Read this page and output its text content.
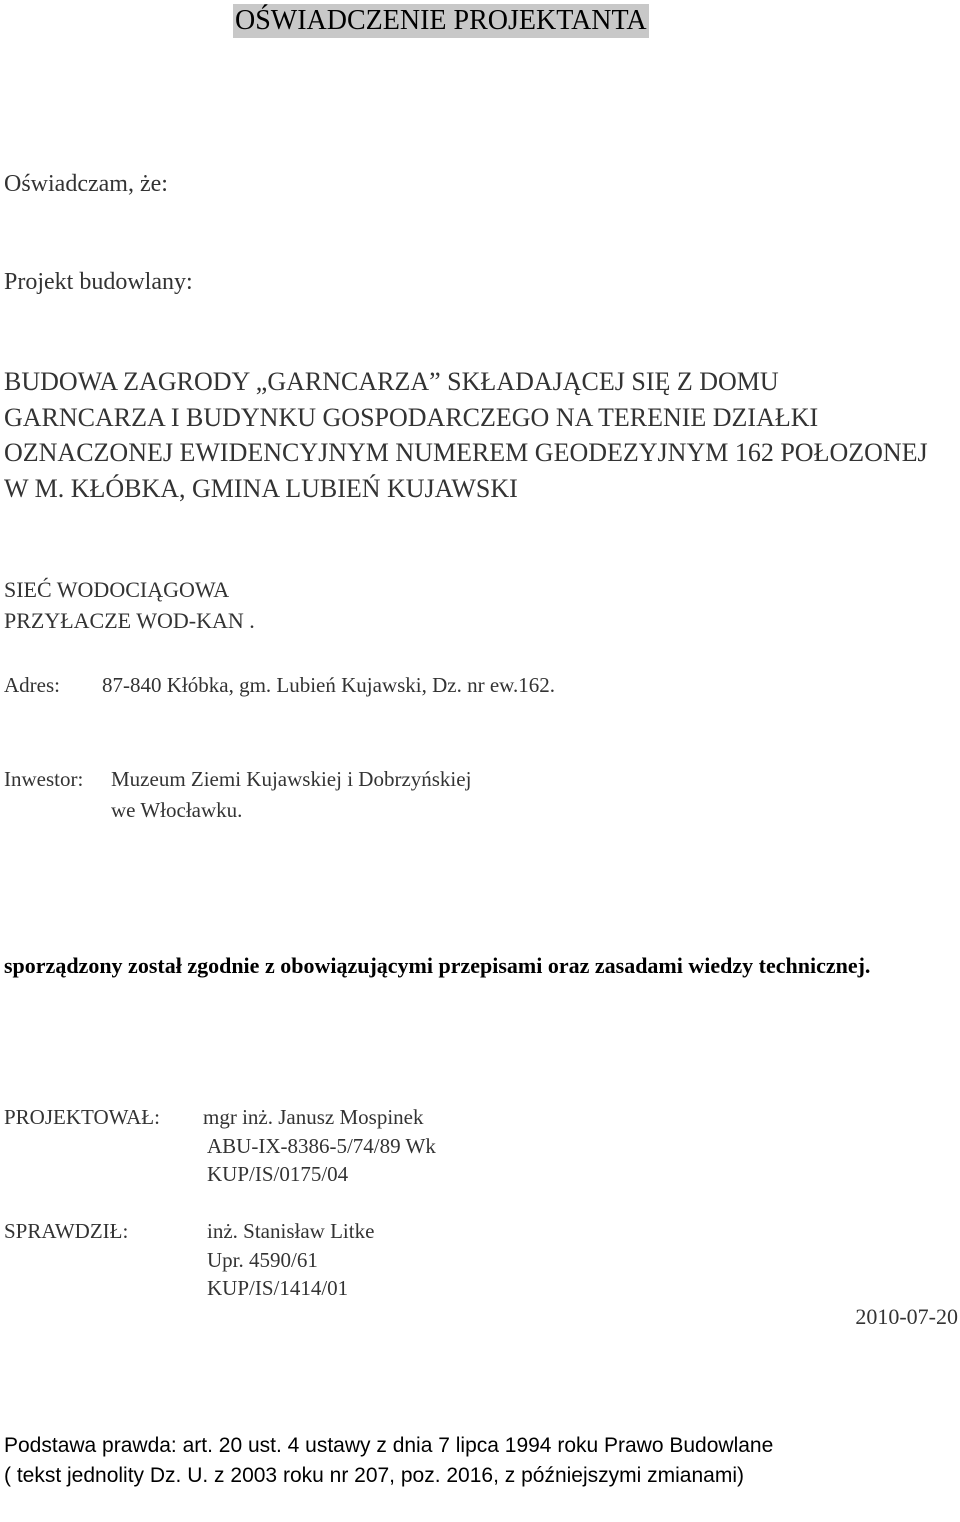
OŚWIADCZENIE PROJEKTANTA
Oświadczam, że:
Projekt budowlany:
BUDOWA ZAGRODY „GARNCARZA” SKŁADAJĄCEJ SIĘ Z DOMU GARNCARZA I BUDYNKU GOSPODARCZEGO NA TERENIE DZIAŁKI OZNACZONEJ EWIDENCYJNYM NUMEREM GEODEZYJNYM 162 POŁOZONEJ W M. KŁÓBKA, GMINA LUBIEŃ KUJAWSKI
SIEĆ WODOCIĄGOWA
PRZYŁACZE WOD-KAN .
Adres: 87-840 Kłóbka, gm. Lubień Kujawski, Dz. nr ew.162.
Inwestor: Muzeum Ziemi Kujawskiej i Dobrzyńskiej
we Włocławku.
sporządzony został zgodnie z obowiązującymi przepisami oraz zasadami wiedzy technicznej.
PROJEKTOWAŁ: mgr inż. Janusz Mospinek
ABU-IX-8386-5/74/89 Wk
KUP/IS/0175/04
SPRAWDZIŁ:	inż. Stanisław Litke
Upr. 4590/61
KUP/IS/1414/01
2010-07-20
Podstawa prawda: art. 20 ust. 4 ustawy z dnia 7 lipca 1994 roku Prawo Budowlane
( tekst jednolity Dz. U. z 2003 roku nr 207, poz. 2016, z późniejszymi zmianami)
